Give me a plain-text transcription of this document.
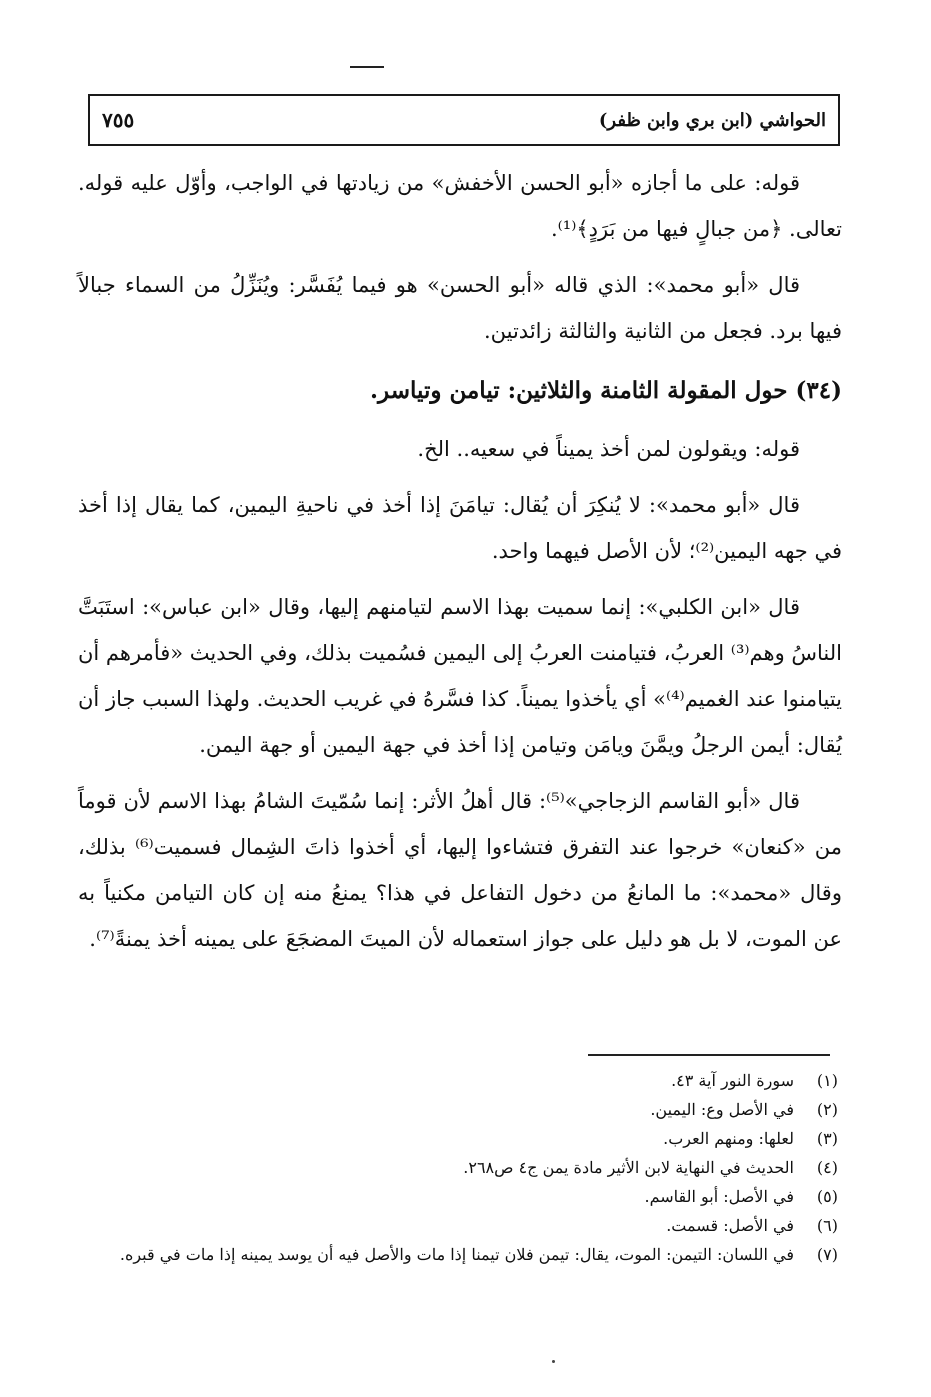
٧٥٥	الحواشي (ابن بري وابن ظفر)

قوله: على ما أجازه «أبو الحسن الأخفش» من زيادتها في الواجب، وأوّل عليه قوله. تعالى. ﴿من جبالٍ فيها من بَرَدٍ﴾⁽¹⁾.

قال «أبو محمد»: الذي قاله «أبو الحسن» هو فيما يُفَسَّر: ويُنَزِّلُ من السماء جبالاً فيها برد. فجعل من الثانية والثالثة زائدتين.

(٣٤) حول المقولة الثامنة والثلاثين: تيامن وتياسر.

قوله: ويقولون لمن أخذ يميناً في سعيه.. الخ.

قال «أبو محمد»: لا يُنكِرَ أن يُقال: تيامَنَ إذا أخذ في ناحيةِ اليمين، كما يقال إذا أخذ في جهه اليمين⁽²⁾؛ لأن الأصل فيهما واحد.

قال «ابن الكلبي»: إنما سميت بهذا الاسم لتيامنهم إليها، وقال «ابن عباس»: استَبَتَّ الناسُ وهم⁽³⁾ العربُ، فتيامنت العربُ إلى اليمين فسُميت بذلك، وفي الحديث «فأمرهم أن يتيامنوا عند الغميم⁽⁴⁾» أي يأخذوا يميناً. كذا فسَّرهُ في غريب الحديث. ولهذا السبب جاز أن يُقال: أيمن الرجلُ ويمَّنَ ويامَن وتيامن إذا أخذ في جهة اليمين أو جهة اليمن.

قال «أبو القاسم الزجاجي»⁽⁵⁾: قال أهلُ الأثر: إنما سُمّيتَ الشامُ بهذا الاسم لأن قوماً من «كنعان» خرجوا عند التفرق فتشاءوا إليها، أي أخذوا ذاتَ الشِمال فسميت⁽⁶⁾ بذلك، وقال «محمد»: ما المانعُ من دخول التفاعل في هذا؟ يمنعُ منه إن كان التيامن مكنياً به عن الموت، لا بل هو دليل على جواز استعماله لأن الميتَ المضجَعَ على يمينه أخذ يمنةً⁽⁷⁾.

(١)
سورة النور آية ٤٣.
(٢)
في الأصل وع: اليمين.
(٣)
لعلها: ومنهم العرب.
(٤)
الحديث في النهاية لابن الأثير مادة يمن ج٤ ص٢٦٨.
(٥)
في الأصل: أبو القاسم.
(٦)
في الأصل: قسمت.
(٧)
في اللسان: التيمن: الموت، يقال: تيمن فلان تيمنا إذا مات والأصل فيه أن يوسد يمينه إذا مات في قبره.
